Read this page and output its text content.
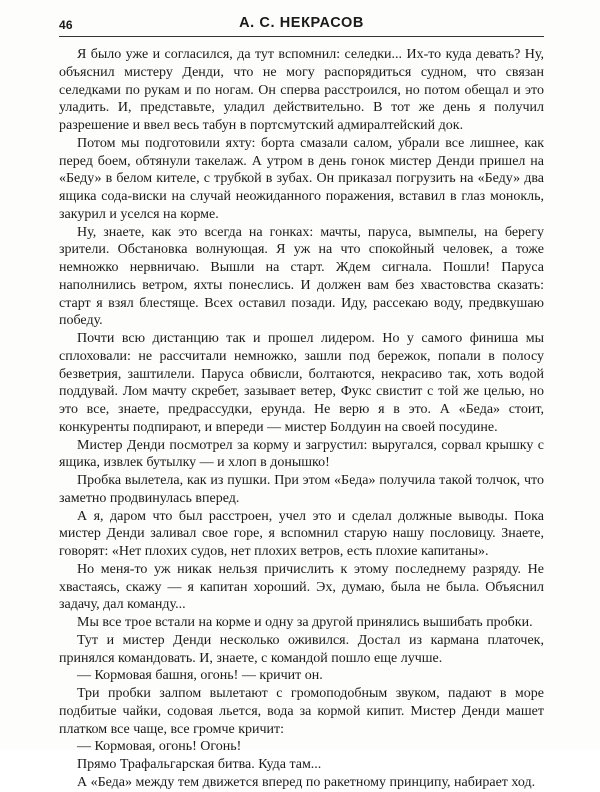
46	А. С. НЕКРАСОВ

Я было уже и согласился, да тут вспомнил: селедки... Их-то куда девать? Ну, объяснил мистеру Денди, что не могу распорядиться судном, что связан селедками по рукам и по ногам. Он сперва расстроился, но потом обещал и это уладить. И, представьте, уладил действительно. В тот же день я получил разрешение и ввел весь табун в портсмутский адмиралтейский док.

Потом мы подготовили яхту: борта смазали салом, убрали все лишнее, как перед боем, обтянули такелаж. А утром в день гонок мистер Денди пришел на «Беду» в белом кителе, с трубкой в зубах. Он приказал погрузить на «Беду» два ящика сода-виски на случай неожиданного поражения, вставил в глаз монокль, закурил и уселся на корме.

Ну, знаете, как это всегда на гонках: мачты, паруса, вымпелы, на берегу зрители. Обстановка волнующая. Я уж на что спокойный человек, а тоже немножко нервничаю. Вышли на старт. Ждем сигнала. Пошли! Паруса наполнились ветром, яхты понеслись. И должен вам без хвастовства сказать: старт я взял блестяще. Всех оставил позади. Иду, рассекаю воду, предвкушаю победу.

Почти всю дистанцию так и прошел лидером. Но у самого финиша мы сплоховали: не рассчитали немножко, зашли под бережок, попали в полосу безветрия, заштилели. Паруса обвисли, болтаются, некрасиво так, хоть водой поддувай. Лом мачту скребет, зазывает ветер, Фукс свистит с той же целью, но это все, знаете, предрассудки, ерунда. Не верю я в это. А «Беда» стоит, конкуренты подпирают, и впереди — мистер Болдуин на своей посудине.

Мистер Денди посмотрел за корму и загрустил: выругался, сорвал крышку с ящика, извлек бутылку — и хлоп в донышко!

Пробка вылетела, как из пушки. При этом «Беда» получила такой толчок, что заметно продвинулась вперед.

А я, даром что был расстроен, учел это и сделал должные выводы. Пока мистер Денди заливал свое горе, я вспомнил старую нашу пословицу. Знаете, говорят: «Нет плохих судов, нет плохих ветров, есть плохие капитаны».

Но меня-то уж никак нельзя причислить к этому последнему разряду. Не хвастаясь, скажу — я капитан хороший. Эх, думаю, была не была. Объяснил задачу, дал команду...

Мы все трое встали на корме и одну за другой принялись вышибать пробки.

Тут и мистер Денди несколько оживился. Достал из кармана платочек, принялся командовать. И, знаете, с командой пошло еще лучше.

— Кормовая башня, огонь! — кричит он.

Три пробки залпом вылетают с громоподобным звуком, падают в море подбитые чайки, содовая льется, вода за кормой кипит. Мистер Денди машет платком все чаще, все громче кричит:

— Кормовая, огонь! Огонь!

Прямо Трафальгарская битва. Куда там...

А «Беда» между тем движется вперед по ракетному принципу, набирает ход.
